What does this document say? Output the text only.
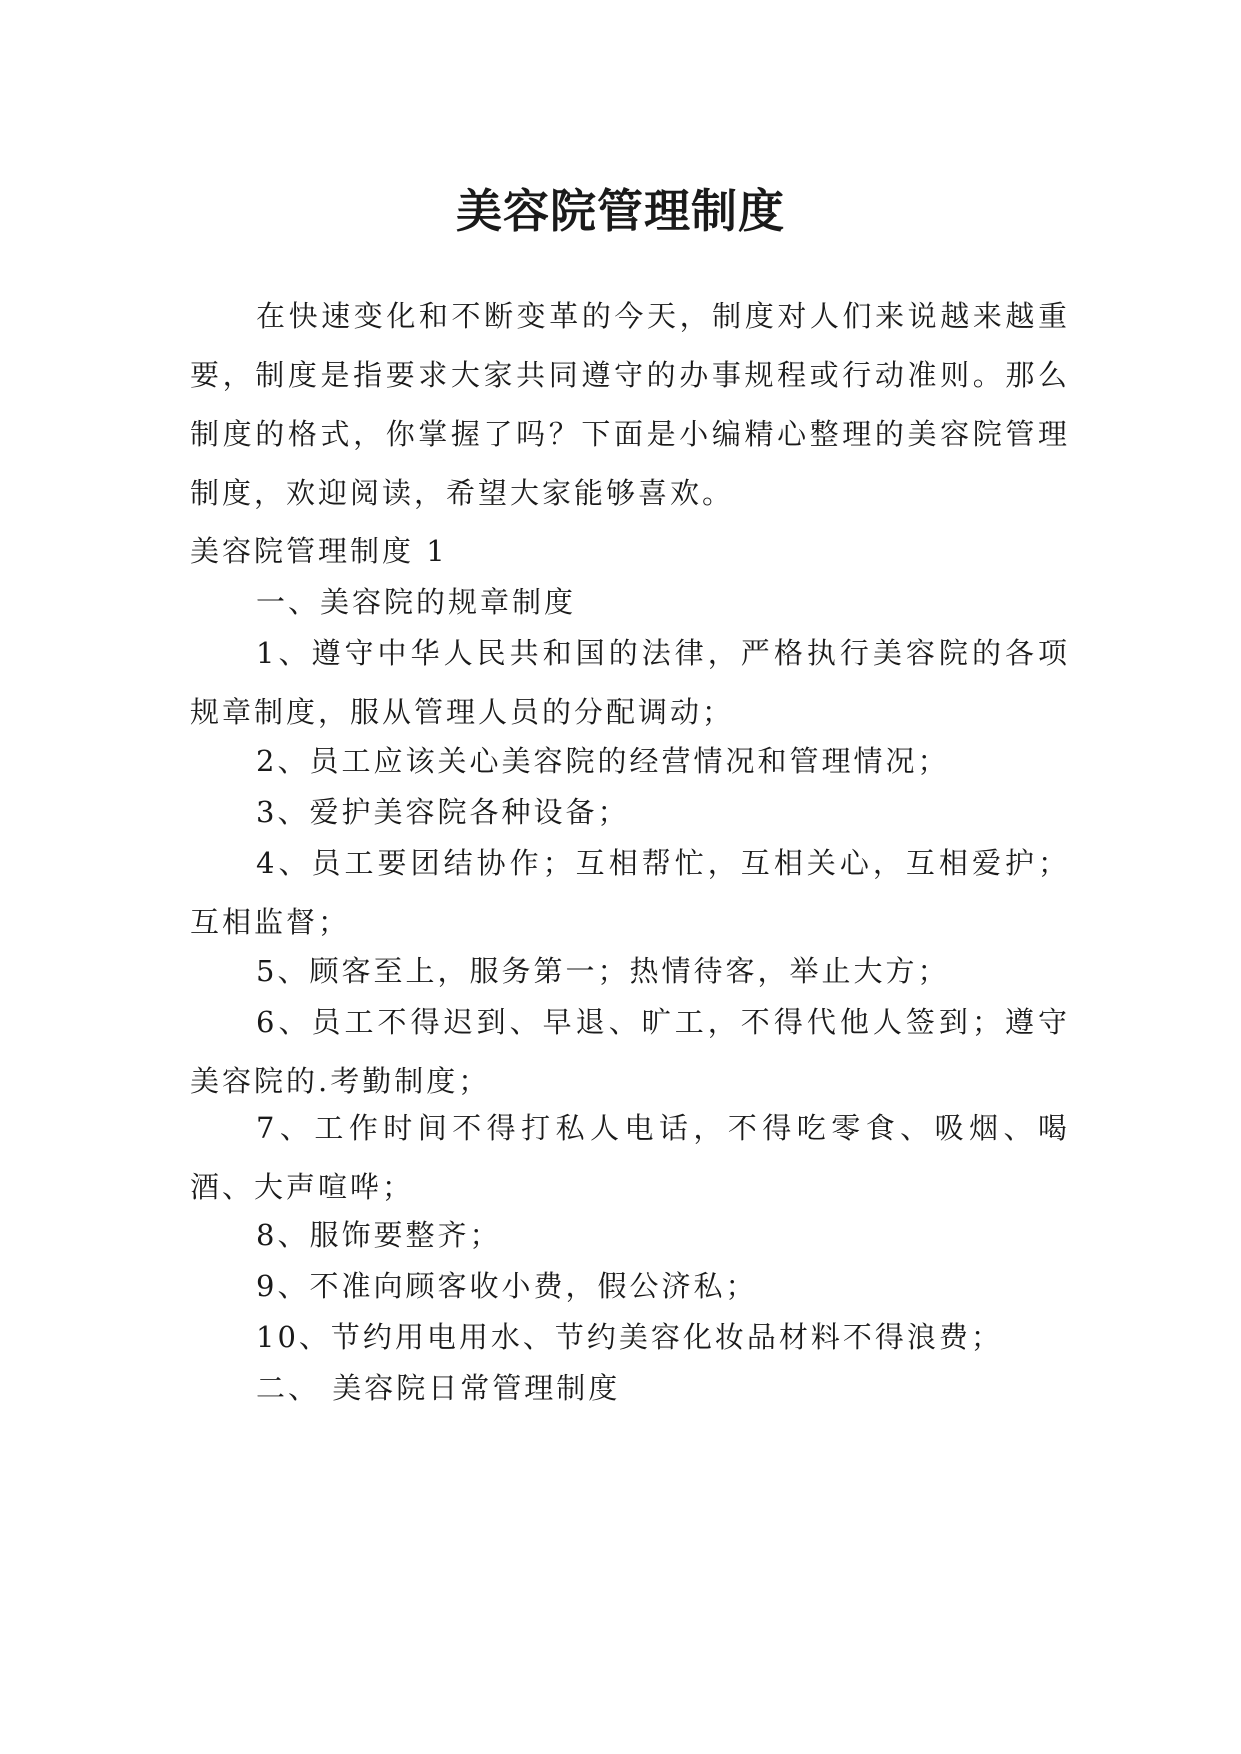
美容院管理制度

在快速变化和不断变革的今天，制度对人们来说越来越重要，制度是指要求大家共同遵守的办事规程或行动准则。那么制度的格式，你掌握了吗？下面是小编精心整理的美容院管理制度，欢迎阅读，希望大家能够喜欢。

美容院管理制度 1

一、美容院的规章制度

1、遵守中华人民共和国的法律，严格执行美容院的各项规章制度，服从管理人员的分配调动；

2、员工应该关心美容院的经营情况和管理情况；

3、爱护美容院各种设备；

4、员工要团结协作；互相帮忙，互相关心，互相爱护；互相监督；

5、顾客至上，服务第一；热情待客，举止大方；

6、员工不得迟到、早退、旷工，不得代他人签到；遵守美容院的.考勤制度；

7、工作时间不得打私人电话，不得吃零食、吸烟、喝酒、大声喧哗；

8、服饰要整齐；

9、不准向顾客收小费，假公济私；

10、节约用电用水、节约美容化妆品材料不得浪费；

二、 美容院日常管理制度
